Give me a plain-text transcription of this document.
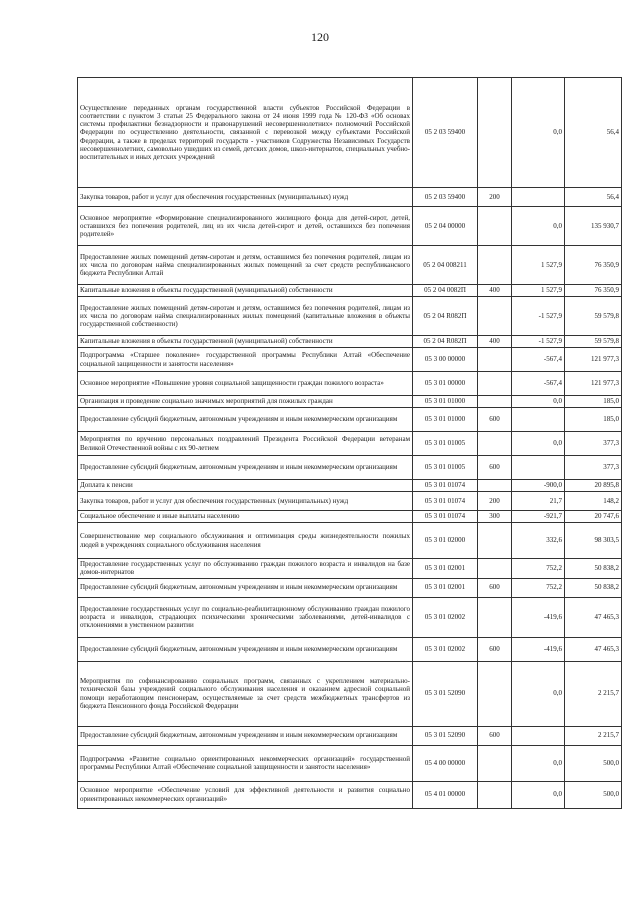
120
Осуществление переданных органам государственной власти субъектов Российской Федерации в соответствии с пунктом 3 статьи 25 Федерального закона от 24 июня 1999 года № 120-ФЗ «Об основах системы профилактики безнадзорности и правонарушений несовершеннолетних» полномочий Российской Федерации по осуществлению деятельности, связанной с перевозкой между субъектами Российской Федерации, а также в пределах территорий государств - участников Содружества Независимых Государств несовершеннолетних, самовольно ушедших из семей, детских домов, школ-интернатов, специальных учебно-воспитательных и иных детских учреждений	05 2 03 59400		0,0	56,4
Закупка товаров, работ и услуг для обеспечения государственных (муниципальных) нужд	05 2 03 59400	200		56,4
Основное мероприятие «Формирование специализированного жилищного фонда для детей-сирот, детей, оставшихся без попечения родителей, лиц из их числа детей-сирот и детей, оставшихся без попечения родителей»	05 2 04 00000		0,0	135 930,7
Предоставление жилых помещений детям-сиротам и детям, оставшимся без попечения родителей, лицам из их числа по договорам найма специализированных жилых помещений за счет средств республиканского бюджета Республики Алтай	05 2 04 008211		1 527,9	76 350,9
Капитальные вложения в объекты государственной (муниципальной) собственности	05 2 04 0082П	400	1 527,9	76 350,9
Предоставление жилых помещений детям-сиротам и детям, оставшимся без попечения родителей, лицам из их числа по договорам найма специализированных жилых помещений (капитальные вложения в объекты государственной собственности)	05 2 04 R082П		-1 527,9	59 579,8
Капитальные вложения в объекты государственной (муниципальной) собственности	05 2 04 R082П	400	-1 527,9	59 579,8
Подпрограмма «Старшее поколение» государственной программы Республики Алтай «Обеспечение социальной защищенности и занятости населения»	05 3 00 00000		-567,4	121 977,3
Основное мероприятие «Повышение уровня социальной защищенности граждан пожилого возраста»	05 3 01 00000		-567,4	121 977,3
Организация и проведение социально значимых мероприятий для пожилых граждан	05 3 01 01000		0,0	185,0
Предоставление субсидий бюджетным, автономным учреждениям и иным некоммерческим организациям	05 3 01 01000	600		185,0
Мероприятия по вручению персональных поздравлений Президента Российской Федерации ветеранам Великой Отечественной войны с их 90-летием	05 3 01 01005		0,0	377,3
Предоставление субсидий бюджетным, автономным учреждениям и иным некоммерческим организациям	05 3 01 01005	600		377,3
Доплата к пенсии	05 3 01 01074		-900,0	20 895,8
Закупка товаров, работ и услуг для обеспечения государственных (муниципальных) нужд	05 3 01 01074	200	21,7	148,2
Социальное обеспечение и иные выплаты населению	05 3 01 01074	300	-921,7	20 747,6
Совершенствование мер социального обслуживания и оптимизация среды жизнедеятельности пожилых людей в учреждениях социального обслуживания населения	05 3 01 02000		332,6	98 303,5
Предоставление государственных услуг по обслуживанию граждан пожилого возраста и инвалидов на базе домов-интернатов	05 3 01 02001		752,2	50 838,2
Предоставление субсидий бюджетным, автономным учреждениям и иным некоммерческим организациям	05 3 01 02001	600	752,2	50 838,2
Предоставление государственных услуг по социально-реабилитационному обслуживанию граждан пожилого возраста и инвалидов, страдающих психическими хроническими заболеваниями, детей-инвалидов с отклонениями в умственном развитии	05 3 01 02002		-419,6	47 465,3
Предоставление субсидий бюджетным, автономным учреждениям и иным некоммерческим организациям	05 3 01 02002	600	-419,6	47 465,3
Мероприятия по софинансированию социальных программ, связанных с укреплением материально-технической базы учреждений социального обслуживания населения и оказанием адресной социальной помощи неработающим пенсионерам, осуществляемые за счет средств межбюджетных трансфертов из бюджета Пенсионного фонда Российской Федерации	05 3 01 52090		0,0	2 215,7
Предоставление субсидий бюджетным, автономным учреждениям и иным некоммерческим организациям	05 3 01 52090	600		2 215,7
Подпрограмма «Развитие социально ориентированных некоммерческих организаций» государственной программы Республики Алтай «Обеспечение социальной защищенности и занятости населения»	05 4 00 00000		0,0	500,0
Основное мероприятие «Обеспечение условий для эффективной деятельности и развития социально ориентированных некоммерческих организаций»	05 4 01 00000		0,0	500,0
